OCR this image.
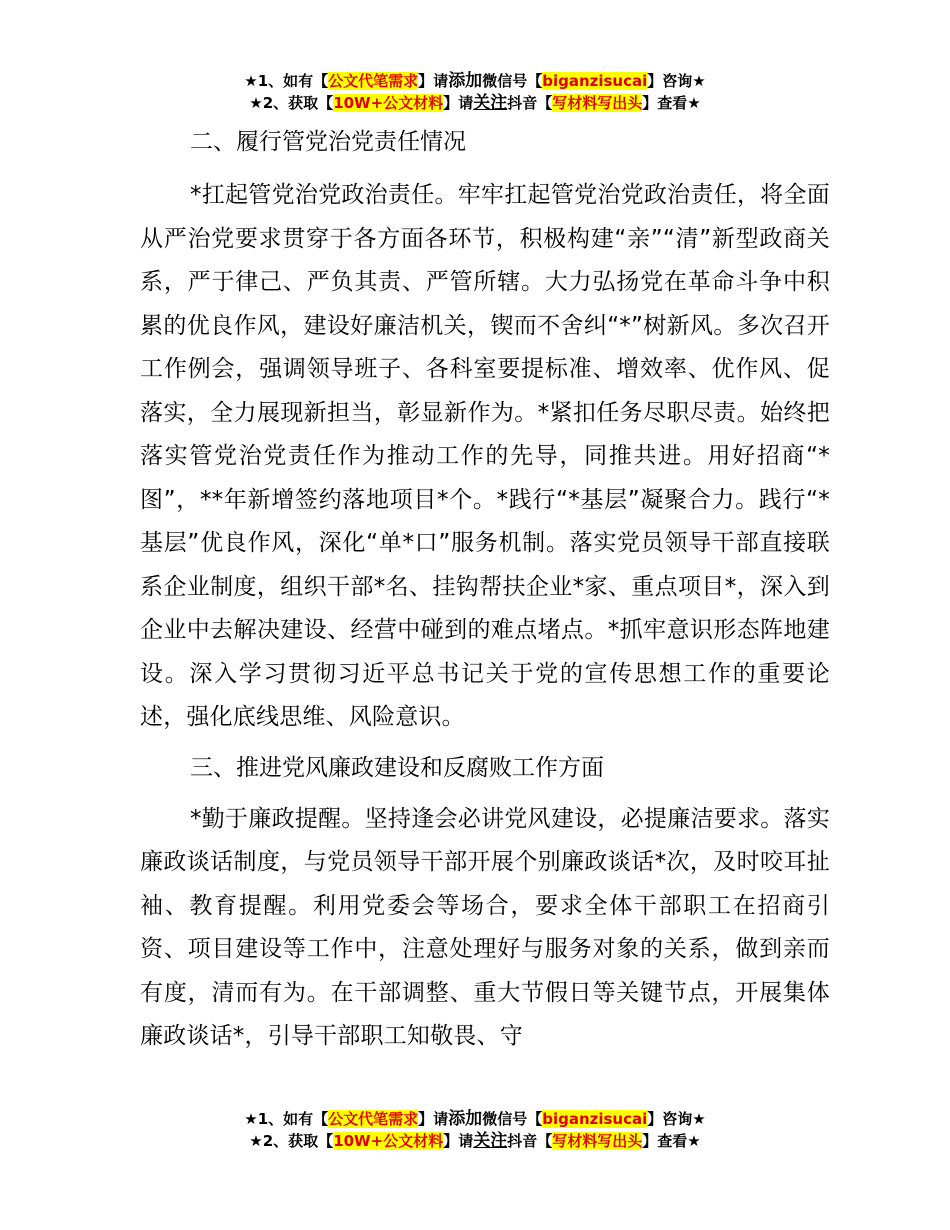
★1、如有【公文代笔需求】请添加微信号【biganzisucai】咨询★
★2、获取【10W+公文材料】请关注抖音【写材料写出头】查看★
二、履行管党治党责任情况

*扛起管党治党政治责任。牢牢扛起管党治党政治责任，将全面从严治党要求贯穿于各方面各环节，积极构建“亲”“清”新型政商关系，严于律己、严负其责、严管所辖。大力弘扬党在革命斗争中积累的优良作风，建设好廉洁机关，锲而不舍纠“*”树新风。多次召开工作例会，强调领导班子、各科室要提标准、增效率、优作风、促落实，全力展现新担当，彰显新作为。*紧扣任务尽职尽责。始终把落实管党治党责任作为推动工作的先导，同推共进。用好招商“*图”，**年新增签约落地项目*个。*践行“*基层”凝聚合力。践行“*基层”优良作风，深化“单*口”服务机制。落实党员领导干部直接联系企业制度，组织干部*名、挂钩帮扶企业*家、重点项目*，深入到企业中去解决建设、经营中碰到的难点堵点。*抓牢意识形态阵地建设。深入学习贯彻习近平总书记关于党的宣传思想工作的重要论述，强化底线思维、风险意识。

三、推进党风廉政建设和反腐败工作方面

*勤于廉政提醒。坚持逢会必讲党风建设，必提廉洁要求。落实廉政谈话制度，与党员领导干部开展个别廉政谈话*次，及时咬耳扯袖、教育提醒。利用党委会等场合，要求全体干部职工在招商引资、项目建设等工作中，注意处理好与服务对象的关系，做到亲而有度，清而有为。在干部调整、重大节假日等关键节点，开展集体廉政谈话*，引导干部职工知敬畏、守

★1、如有【公文代笔需求】请添加微信号【biganzisucai】咨询★
★2、获取【10W+公文材料】请关注抖音【写材料写出头】查看★
